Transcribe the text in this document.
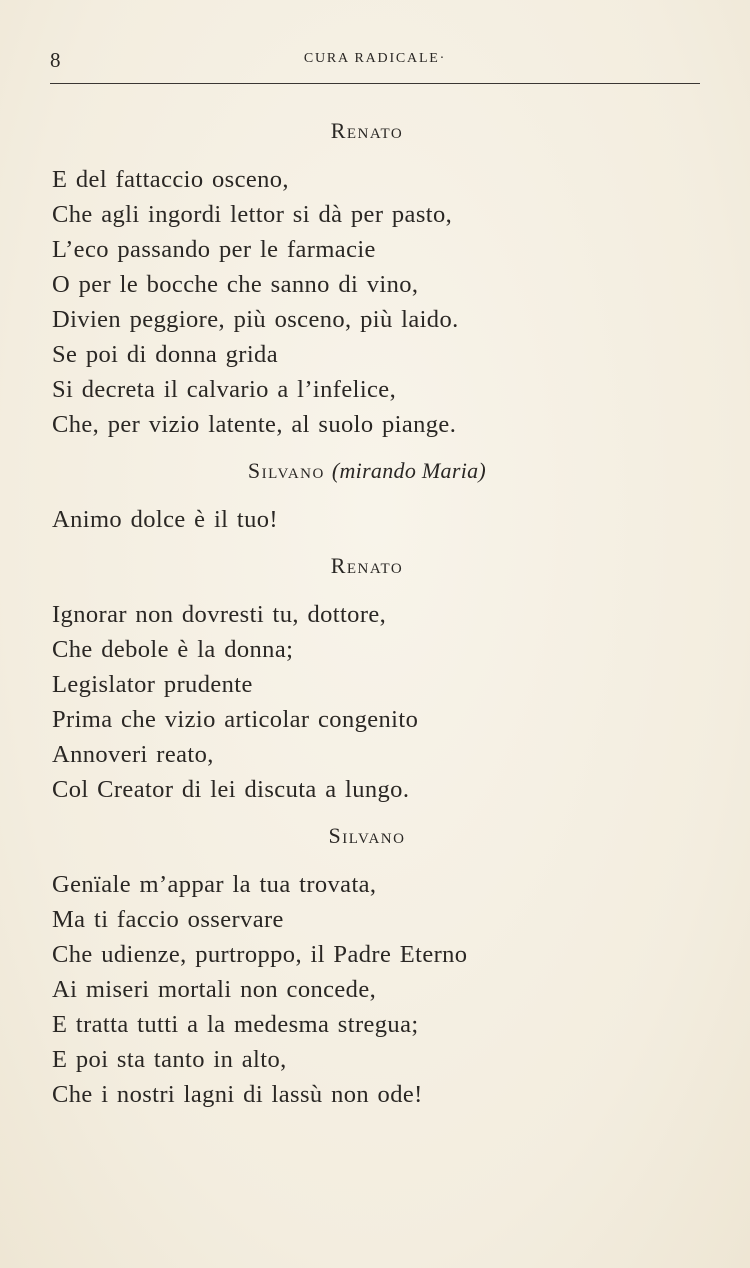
8	CURA RADICALE·
Renato
E del fattaccio osceno,
Che agli ingordi lettor si dà per pasto,
L’eco passando per le farmacie
O per le bocche che sanno di vino,
Divien peggiore, più osceno, più laido.
Se poi di donna grida
Si decreta il calvario a l’infelice,
Che, per vizio latente, al suolo piange.
Silvano (mirando Maria)
Animo dolce è il tuo!
Renato
Ignorar non dovresti tu, dottore,
Che debole è la donna;
Legislator prudente
Prima che vizio articolar congenito
Annoveri reato,
Col Creator di lei discuta a lungo.
Silvano
Genïale m’appar la tua trovata,
Ma ti faccio osservare
Che udienze, purtroppo, il Padre Eterno
Ai miseri mortali non concede,
E tratta tutti a la medesma stregua;
E poi sta tanto in alto,
Che i nostri lagni di lassù non ode!
